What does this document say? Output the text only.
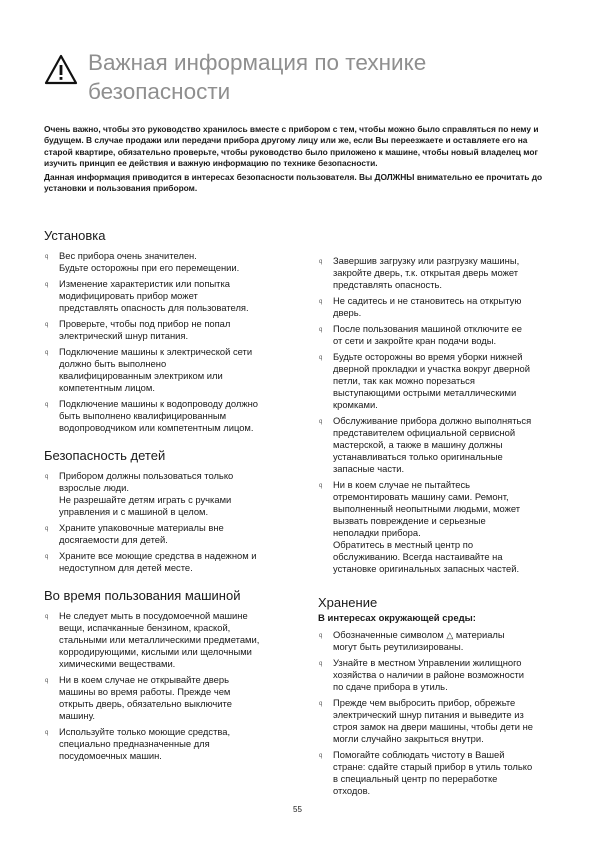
Важная информация по технике
безопасности

Очень важно, чтобы это руководство хранилось вместе с прибором с тем, чтобы можно было справляться по нему и будущем. В случае продажи или передачи прибора другому лицу или же, если Вы переезжаете и оставляете его на старой квартире, обязательно проверьте, чтобы руководство было приложено к машине, чтобы новый владелец мог изучить принцип ее действия и важную информацию по технике безопасности.

Данная информация приводится в интересах безопасности пользователя. Вы ДОЛЖНЫ внимательно ее прочитать до установки и пользования прибором.

Установка
q Вес прибора очень значителен.
Будьте осторожны при его перемещении.
q Изменение характеристик или попытка
модифицировать прибор может
представлять опасность для пользователя.
q Проверьте, чтобы под прибор не попал
электрический шнур питания.
q Подключение машины к электрической сети
должно быть выполнено
квалифицированным электриком или
компетентным лицом.
q Подключение машины к водопроводу должно
быть выполнено квалифицированным
водопроводчиком или компетентным лицом.
Безопасность детей
q Прибором должны пользоваться только
взрослые люди.
Не разрешайте детям играть с ручками
управления и с машиной в целом.
q Храните упаковочные материалы вне
досягаемости для детей.
q Храните все моющие средства в надежном и
недоступном для детей месте.
Во время пользования машиной
q Не следует мыть в посудомоечной машине
вещи, испачканные бензином, краской,
стальными или металлическими предметами,
корродирующими, кислыми или щелочными
химическими веществами.
q Ни в коем случае не открывайте дверь
машины во время работы. Прежде чем
открыть дверь, обязательно выключите
машину.
q Используйте только моющие средства,
специально предназначенные для
посудомоечных машин.
q Завершив загрузку или разгрузку машины,
закройте дверь, т.к. открытая дверь может
представлять опасность.
q Не садитесь и не становитесь на открытую
дверь.
q После пользования машиной отключите ее
от сети и закройте кран подачи воды.
q Будьте осторожны во время уборки нижней
дверной прокладки и участка вокруг дверной
петли, так как можно порезаться
выступающими острыми металлическими
кромками.
q Обслуживание прибора должно выполняться
представителем официальной сервисной
мастерской, а также в машину должны
устанавливаться только оригинальные
запасные части.
q Ни в коем случае не пытайтесь
отремонтировать машину сами. Ремонт,
выполненный неопытными людьми, может
вызвать повреждение и серьезные
неполадки прибора.
Обратитесь в местный центр по
обслуживанию. Всегда настаивайте на
установке оригинальных запасных частей.
Хранение
В интересах окружающей среды:
q Обозначенные символом △ материалы
могут быть реутилизированы.
q Узнайте в местном Управлении жилищного
хозяйства о наличии в районе возможности
по сдаче прибора в утиль.
q Прежде чем выбросить прибор, обрежьте
электрический шнур питания и выведите из
строя замок на двери машины, чтобы дети не
могли случайно закрыться внутри.
q Помогайте соблюдать чистоту в Вашей
стране: сдайте старый прибор в утиль только
в специальный центр по переработке
отходов.
55
